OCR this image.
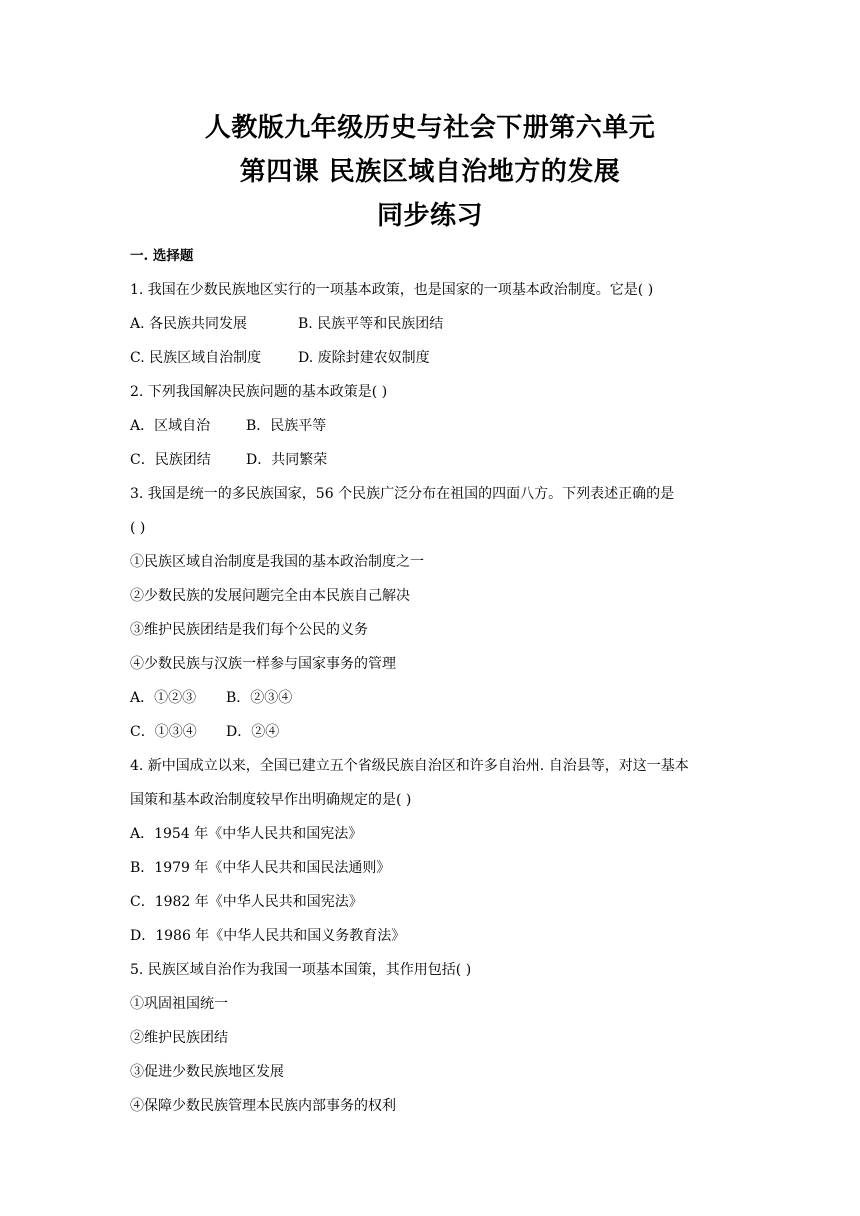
人教版九年级历史与社会下册第六单元
第四课 民族区域自治地方的发展
同步练习
一. 选择题
1. 我国在少数民族地区实行的一项基本政策，也是国家的一项基本政治制度。它是( )
A. 各民族共同发展	B. 民族平等和民族团结
C. 民族区域自治制度	D. 废除封建农奴制度
2. 下列我国解决民族问题的基本政策是( )
A．区域自治	B．民族平等
C．民族团结	D．共同繁荣
3. 我国是统一的多民族国家，56 个民族广泛分布在祖国的四面八方。下列表述正确的是
( )
①民族区域自治制度是我国的基本政治制度之一
②少数民族的发展问题完全由本民族自己解决
③维护民族团结是我们每个公民的义务
④少数民族与汉族一样参与国家事务的管理
A．①②③ B．②③④
C．①③④ D．②④
4. 新中国成立以来，全国已建立五个省级民族自治区和许多自治州. 自治县等，对这一基本
国策和基本政治制度较早作出明确规定的是( )
A．1954 年《中华人民共和国宪法》
B．1979 年《中华人民共和国民法通则》
C．1982 年《中华人民共和国宪法》
D．1986 年《中华人民共和国义务教育法》
5. 民族区域自治作为我国一项基本国策，其作用包括( )
①巩固祖国统一
②维护民族团结
③促进少数民族地区发展
④保障少数民族管理本民族内部事务的权利
